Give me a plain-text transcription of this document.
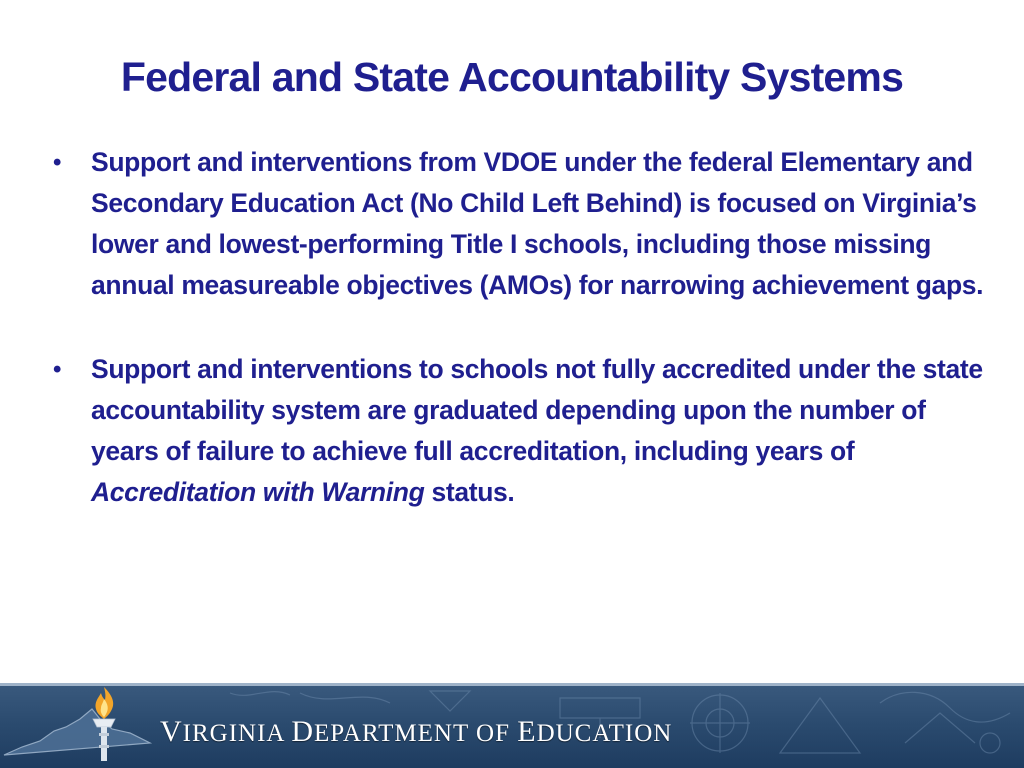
Federal and State Accountability Systems
• Support and interventions from VDOE under the federal Elementary and Secondary Education Act (No Child Left Behind) is focused on Virginia’s lower and lowest-performing Title I schools, including those missing annual measureable objectives (AMOs) for narrowing achievement gaps.
• Support and interventions to schools not fully accredited under the state accountability system are graduated depending upon the number of years of failure to achieve full accreditation, including years of Accreditation with Warning status.
VIRGINIA DEPARTMENT OF EDUCATION
